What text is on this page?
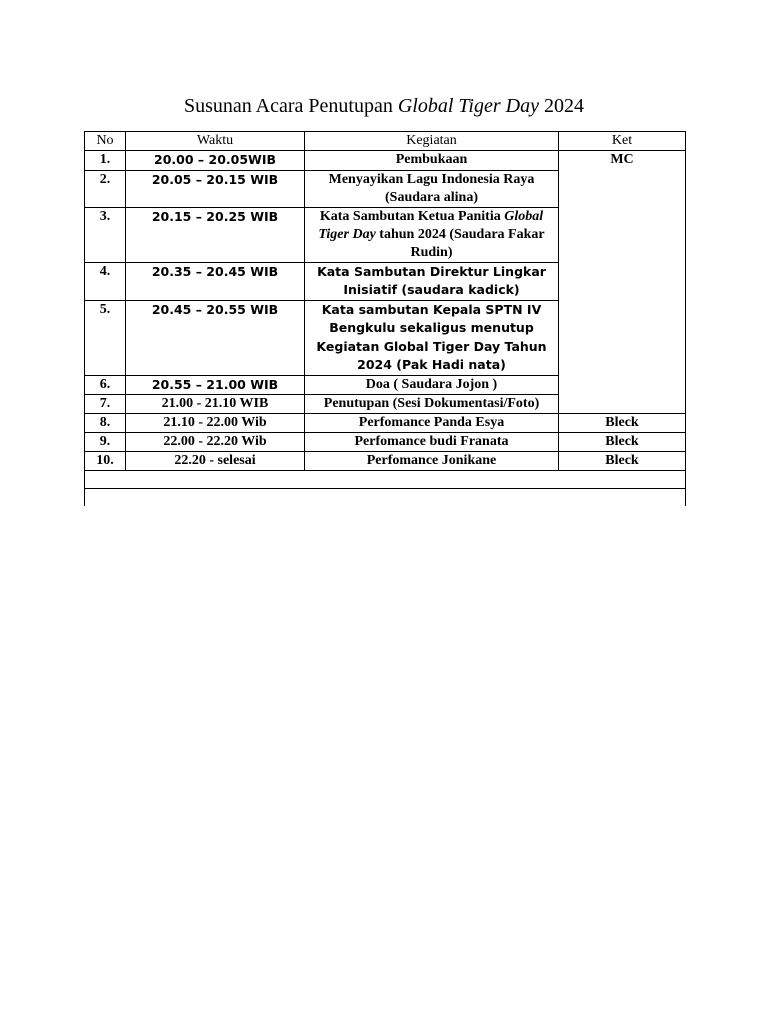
Susunan Acara Penutupan Global Tiger Day 2024
No	Waktu	Kegiatan	Ket
1.	20.00 – 20.05WIB	Pembukaan	MC
2.	20.05 – 20.15 WIB	Menyayikan Lagu Indonesia Raya (Saudara alina)	
3.	20.15 – 20.25 WIB	Kata Sambutan Ketua Panitia Global Tiger Day tahun 2024 (Saudara Fakar Rudin)	
4.	20.35 – 20.45 WIB	Kata Sambutan Direktur Lingkar Inisiatif (saudara kadick)	
5.	20.45 – 20.55 WIB	Kata sambutan Kepala SPTN IV Bengkulu sekaligus menutup Kegiatan Global Tiger Day Tahun 2024 (Pak Hadi nata)	
6.	20.55 – 21.00 WIB	Doa ( Saudara Jojon )	
7.	21.00 - 21.10 WIB	Penutupan (Sesi Dokumentasi/Foto)	
8.	21.10 - 22.00 Wib	Perfomance Panda Esya	Bleck
9.	22.00 - 22.20 Wib	Perfomance budi Franata	Bleck
10.	22.20 - selesai	Perfomance Jonikane	Bleck
